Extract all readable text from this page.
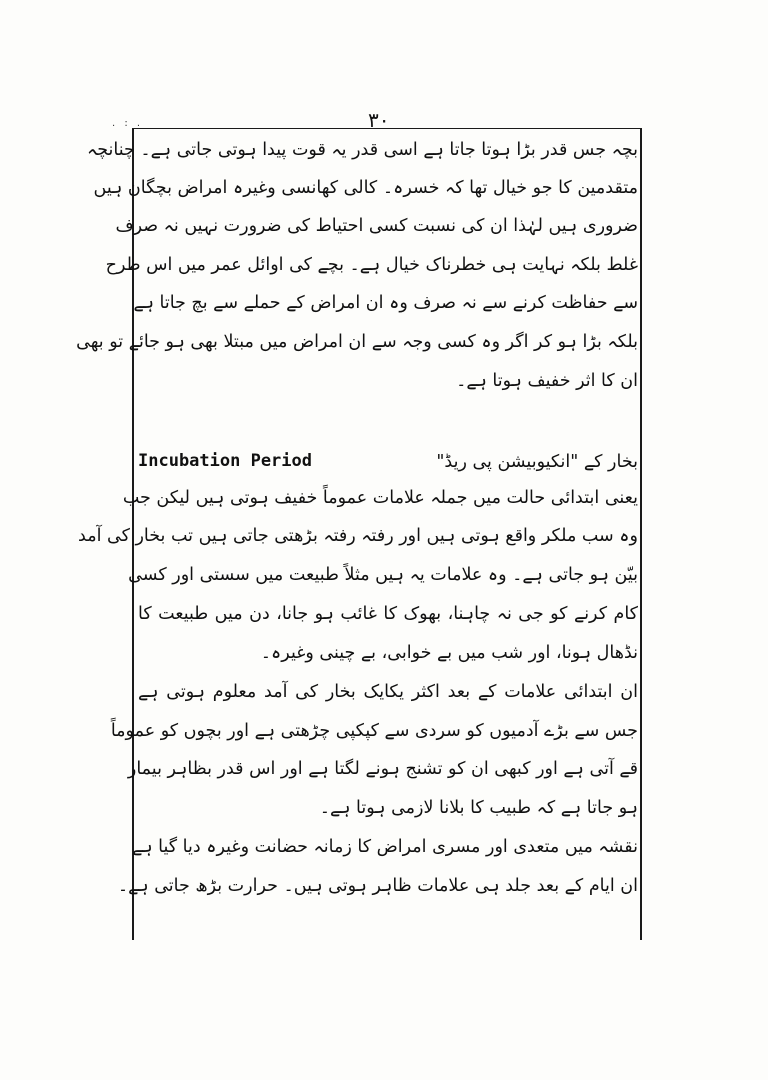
. : .	۳۰
بچہ جس قدر بڑا ہوتا جاتا ہے اسی قدر یہ قوت پیدا ہوتی جاتی ہے۔ چنانچہ
متقدمین کا جو خیال تھا کہ خسرہ۔ کالی کھانسی وغیرہ امراض بچگان ہیں
ضروری ہیں لہٰذا ان کی نسبت کسی احتیاط کی ضرورت نہیں نہ صرف
غلط بلکہ نہایت ہی خطرناک خیال ہے۔ بچے کی اوائل عمر میں اس طرح
سے حفاظت کرنے سے نہ صرف وہ ان امراض کے حملے سے بچ جاتا ہے
بلکہ بڑا ہو کر اگر وہ کسی وجہ سے ان امراض میں مبتلا بھی ہو جائے تو بھی
ان کا اثر خفیف ہوتا ہے۔
بخار کے "انکیوبیشن پی ریڈ"
یعنی ابتدائی حالت میں جملہ علامات عموماً خفیف ہوتی ہیں لیکن جب
وہ سب ملکر واقع ہوتی ہیں اور رفتہ رفتہ بڑھتی جاتی ہیں تب بخار کی آمد
بیّن ہو جاتی ہے۔ وہ علامات یہ ہیں مثلاً طبیعت میں سستی اور کسی
کام کرنے کو جی نہ چاہنا، بھوک کا غائب ہو جانا، دن میں طبیعت کا
نڈھال ہونا، اور شب میں بے خوابی، بے چینی وغیرہ۔
ان ابتدائی علامات کے بعد اکثر یکایک بخار کی آمد معلوم ہوتی ہے
جس سے بڑے آدمیوں کو سردی سے کپکپی چڑھتی ہے اور بچوں کو عموماً
قے آتی ہے اور کبھی ان کو تشنج ہونے لگتا ہے اور اس قدر بظاہر بیمار
ہو جاتا ہے کہ طبیب کا بلانا لازمی ہوتا ہے۔
نقشہ میں متعدی اور مسری امراض کا زمانہ حضانت وغیرہ دیا گیا ہے
ان ایام کے بعد جلد ہی علامات ظاہر ہوتی ہیں۔ حرارت بڑھ جاتی ہے۔
Incubation Period
